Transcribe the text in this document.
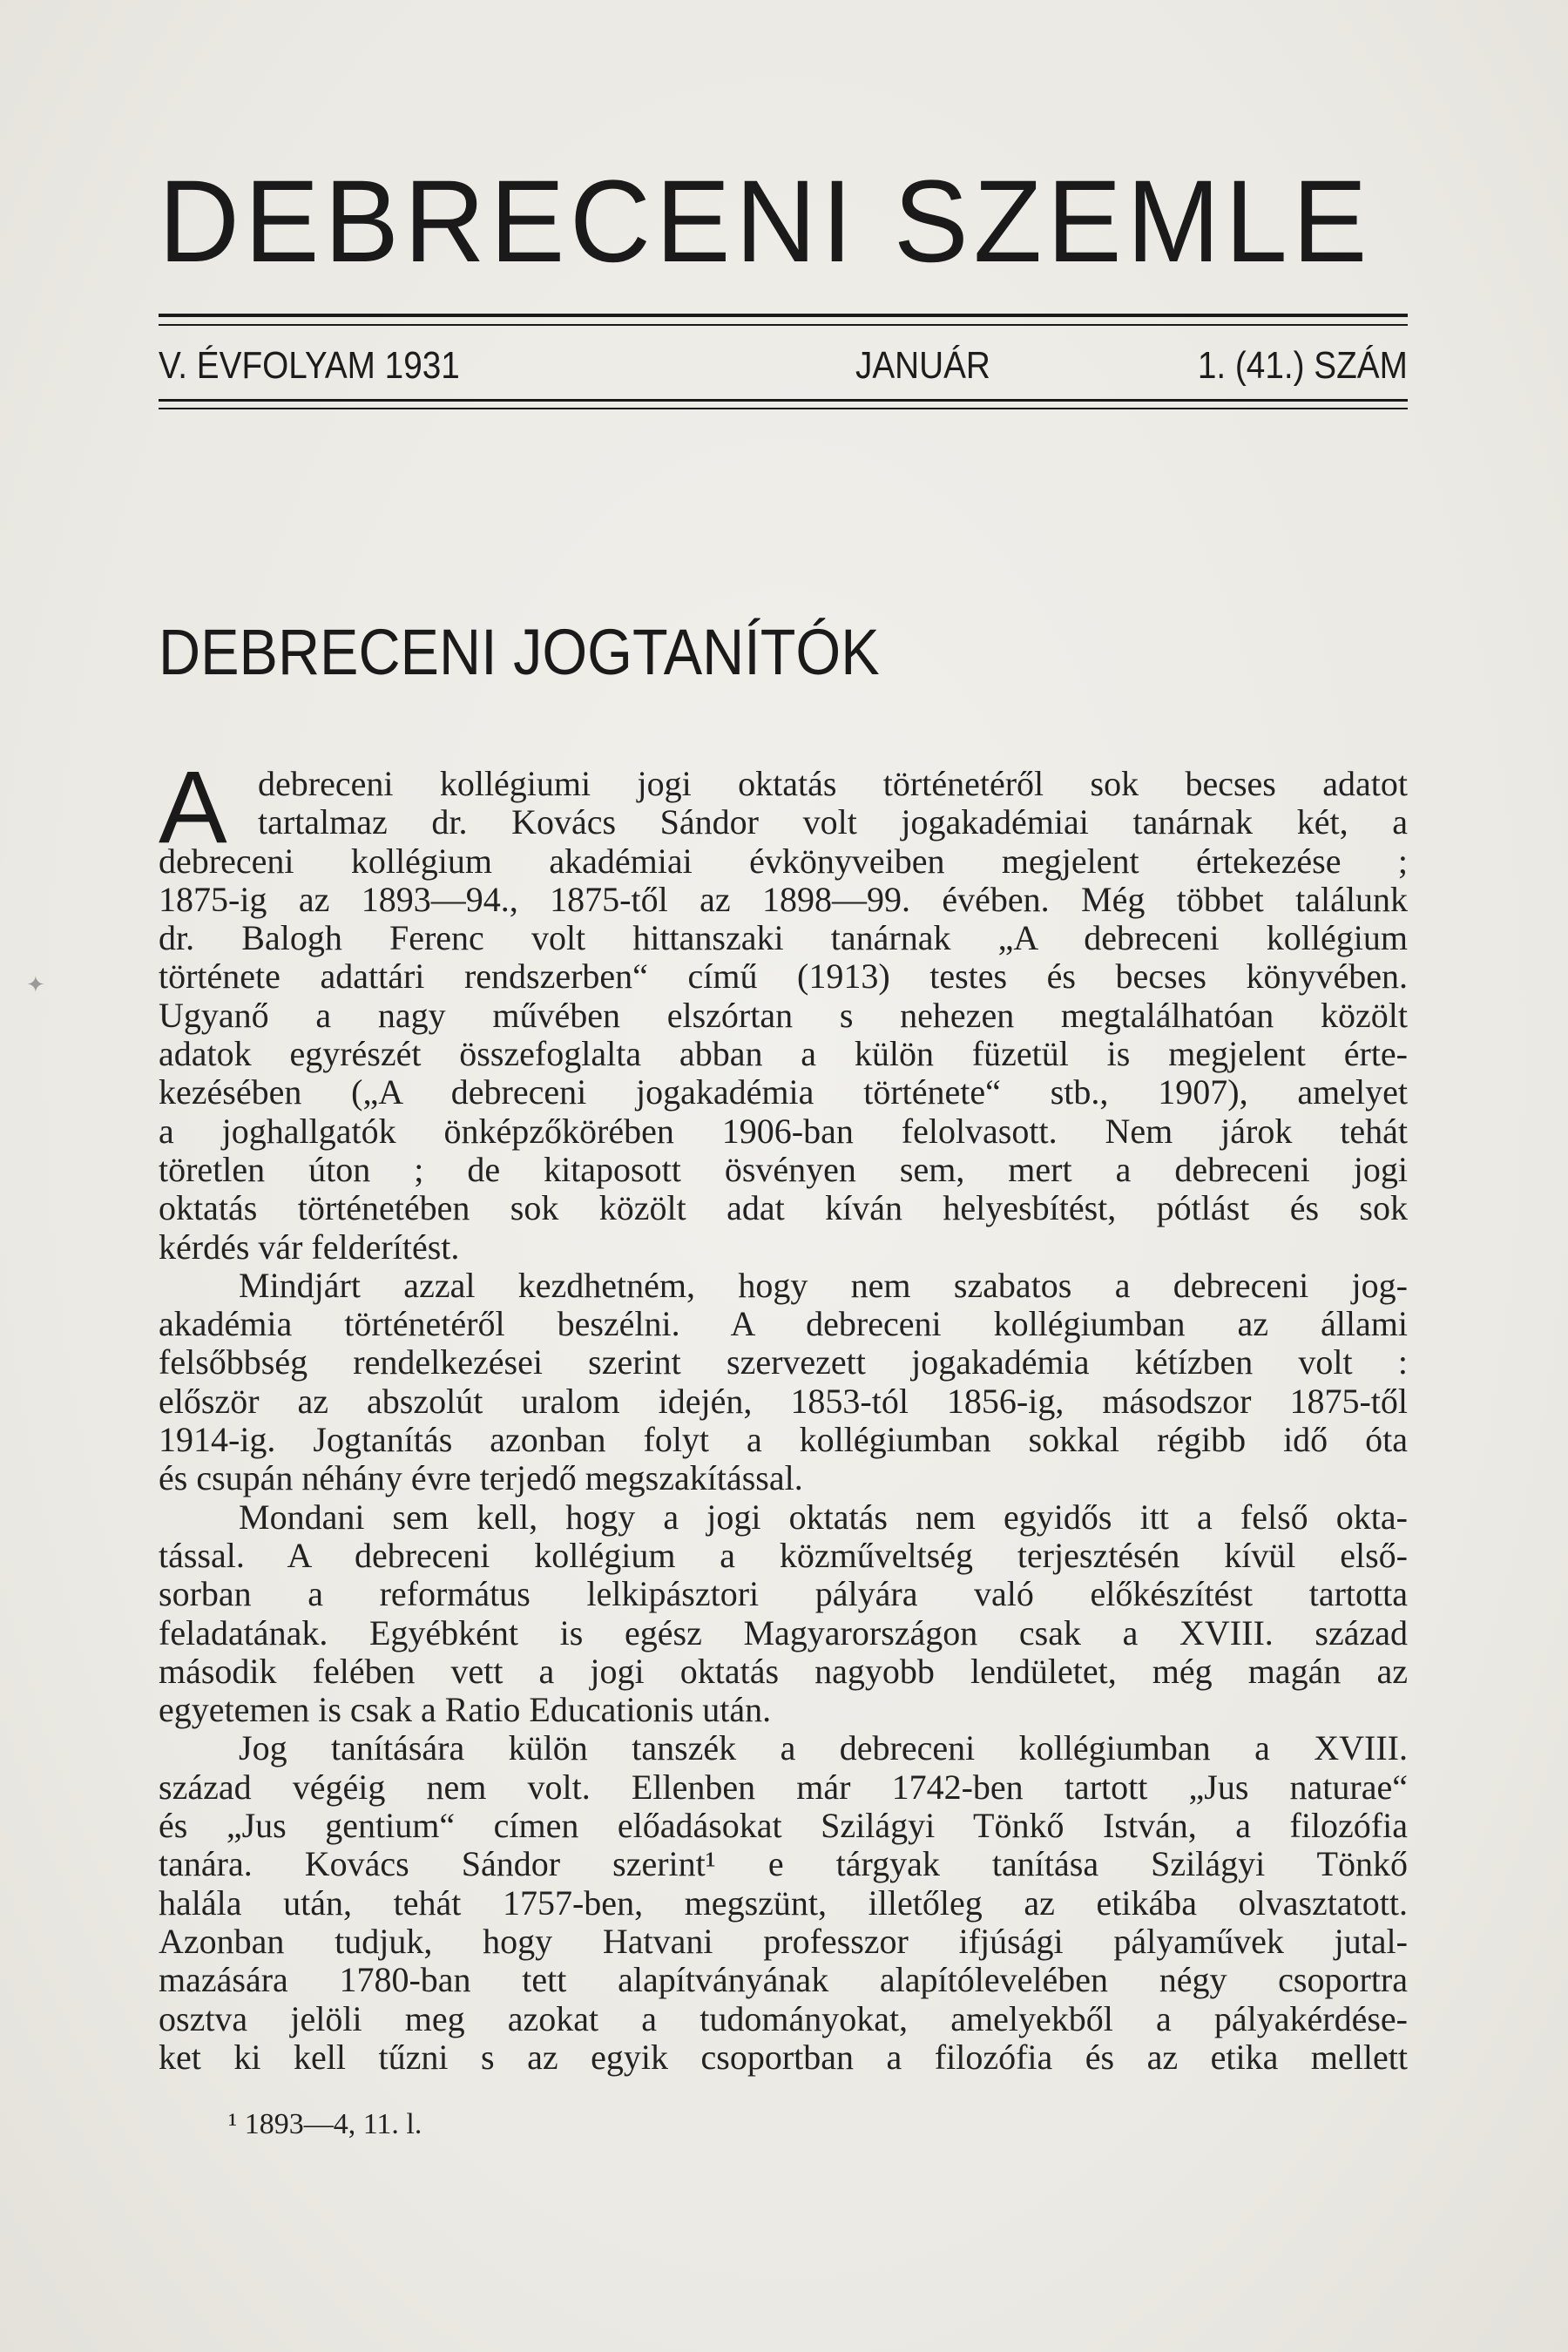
DEBRECENI SZEMLE
V. ÉVFOLYAM 1931	JANUÁR	1. (41.) SZÁM
DEBRECENI JOGTANÍTÓK
A debreceni kollégiumi jogi oktatás történetéről sok becses adatot
tartalmaz dr. Kovács Sándor volt jogakadémiai tanárnak két, a
debreceni kollégium akadémiai évkönyveiben megjelent értekezése ;
1875-ig az 1893—94., 1875-től az 1898—99. évében. Még többet találunk
dr. Balogh Ferenc volt hittanszaki tanárnak „A debreceni kollégium
története adattári rendszerben“ című (1913) testes és becses könyvében.
Ugyanő a nagy művében elszórtan s nehezen megtalálhatóan közölt
adatok egyrészét összefoglalta abban a külön füzetül is megjelent érte-
kezésében („A debreceni jogakadémia története“ stb., 1907), amelyet
a joghallgatók önképzőkörében 1906-ban felolvasott. Nem járok tehát
töretlen úton ; de kitaposott ösvényen sem, mert a debreceni jogi
oktatás történetében sok közölt adat kíván helyesbítést, pótlást és sok
kérdés vár felderítést.
Mindjárt azzal kezdhetném, hogy nem szabatos a debreceni jog-
akadémia történetéről beszélni. A debreceni kollégiumban az állami
felsőbbség rendelkezései szerint szervezett jogakadémia kétízben volt :
először az abszolút uralom idején, 1853-tól 1856-ig, másodszor 1875-től
1914-ig. Jogtanítás azonban folyt a kollégiumban sokkal régibb idő óta
és csupán néhány évre terjedő megszakítással.
Mondani sem kell, hogy a jogi oktatás nem egyidős itt a felső okta-
tással. A debreceni kollégium a közműveltség terjesztésén kívül első-
sorban a református lelkipásztori pályára való előkészítést tartotta
feladatának. Egyébként is egész Magyarországon csak a XVIII. század
második felében vett a jogi oktatás nagyobb lendületet, még magán az
egyetemen is csak a Ratio Educationis után.
Jog tanítására külön tanszék a debreceni kollégiumban a XVIII.
század végéig nem volt. Ellenben már 1742-ben tartott „Jus naturae“
és „Jus gentium“ címen előadásokat Szilágyi Tönkő István, a filozófia
tanára. Kovács Sándor szerint¹ e tárgyak tanítása Szilágyi Tönkő
halála után, tehát 1757-ben, megszünt, illetőleg az etikába olvasztatott.
Azonban tudjuk, hogy Hatvani professzor ifjúsági pályaművek jutal-
mazására 1780-ban tett alapítványának alapítólevelében négy csoportra
osztva jelöli meg azokat a tudományokat, amelyekből a pályakérdése-
ket ki kell tűzni s az egyik csoportban a filozófia és az etika mellett
¹ 1893—4, 11. l.
✦
